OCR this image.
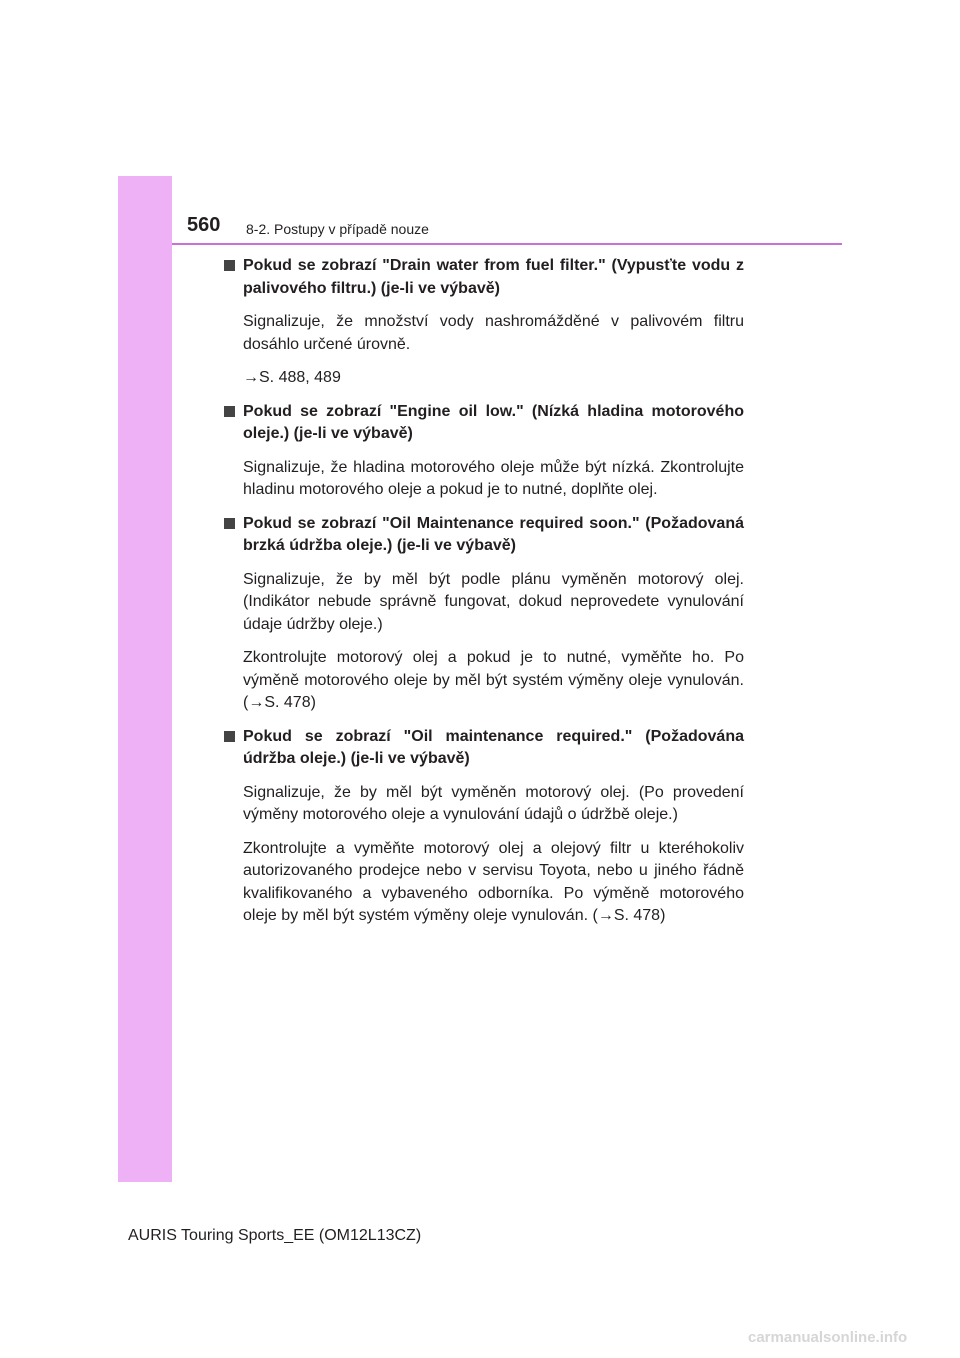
560 8-2. Postupy v případě nouze
Pokud se zobrazí "Drain water from fuel filter." (Vypusťte vodu z palivového filtru.) (je-li ve výbavě)

Signalizuje, že množství vody nashromážděné v palivovém filtru dosáhlo určené úrovně.

→S. 488, 489

Pokud se zobrazí "Engine oil low." (Nízká hladina motorového oleje.) (je-li ve výbavě)

Signalizuje, že hladina motorového oleje může být nízká. Zkontrolujte hladinu motorového oleje a pokud je to nutné, doplňte olej.

Pokud se zobrazí "Oil Maintenance required soon." (Požadovaná brzká údržba oleje.) (je-li ve výbavě)

Signalizuje, že by měl být podle plánu vyměněn motorový olej. (Indikátor nebude správně fungovat, dokud neprovedete vynulování údaje údržby oleje.)

Zkontrolujte motorový olej a pokud je to nutné, vyměňte ho. Po výměně motorového oleje by měl být systém výměny oleje vynulován. (→S. 478)

Pokud se zobrazí "Oil maintenance required." (Požadována údržba oleje.) (je-li ve výbavě)

Signalizuje, že by měl být vyměněn motorový olej. (Po provedení výměny motorového oleje a vynulování údajů o údržbě oleje.)

Zkontrolujte a vyměňte motorový olej a olejový filtr u kteréhokoliv autorizovaného prodejce nebo v servisu Toyota, nebo u jiného řádně kvalifikovaného a vybaveného odborníka. Po výměně motorového oleje by měl být systém výměny oleje vynulován. (→S. 478)

AURIS Touring Sports_EE (OM12L13CZ)
carmanualsonline.info
